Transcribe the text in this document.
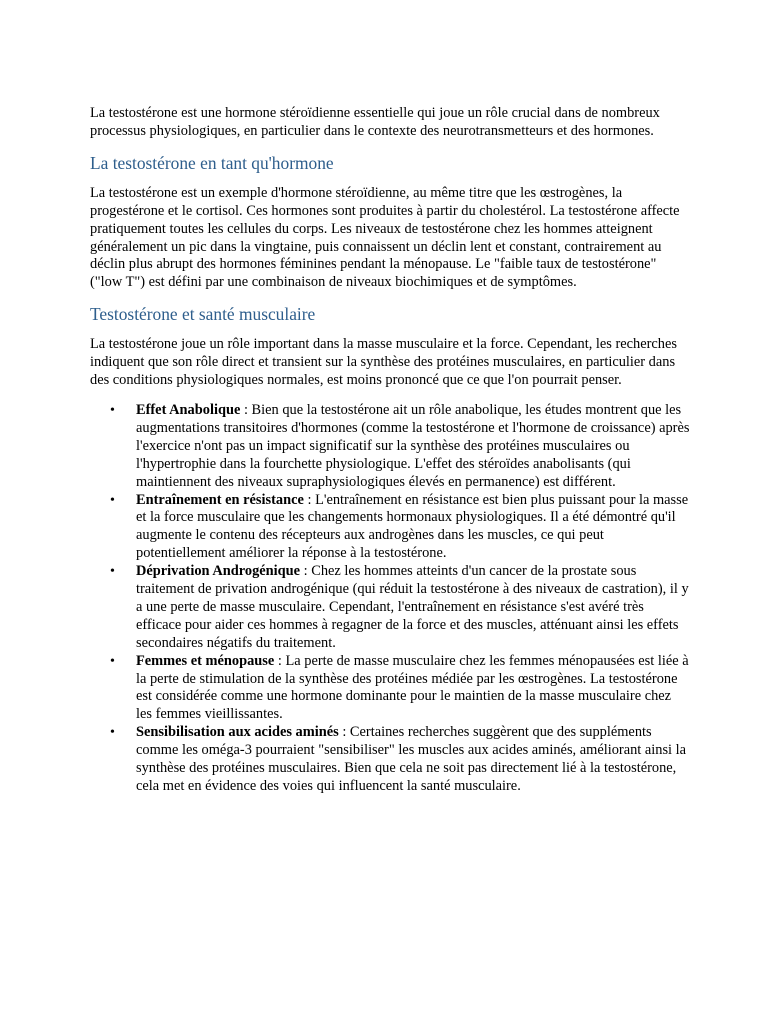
La testostérone est une hormone stéroïdienne essentielle qui joue un rôle crucial dans de nombreux processus physiologiques, en particulier dans le contexte des neurotransmetteurs et des hormones.

La testostérone en tant qu'hormone

La testostérone est un exemple d'hormone stéroïdienne, au même titre que les œstrogènes, la progestérone et le cortisol. Ces hormones sont produites à partir du cholestérol. La testostérone affecte pratiquement toutes les cellules du corps. Les niveaux de testostérone chez les hommes atteignent généralement un pic dans la vingtaine, puis connaissent un déclin lent et constant, contrairement au déclin plus abrupt des hormones féminines pendant la ménopause. Le "faible taux de testostérone" ("low T") est défini par une combinaison de niveaux biochimiques et de symptômes.

Testostérone et santé musculaire

La testostérone joue un rôle important dans la masse musculaire et la force. Cependant, les recherches indiquent que son rôle direct et transient sur la synthèse des protéines musculaires, en particulier dans des conditions physiologiques normales, est moins prononcé que ce que l'on pourrait penser.

• Effet Anabolique : Bien que la testostérone ait un rôle anabolique, les études montrent que les augmentations transitoires d'hormones (comme la testostérone et l'hormone de croissance) après l'exercice n'ont pas un impact significatif sur la synthèse des protéines musculaires ou l'hypertrophie dans la fourchette physiologique. L'effet des stéroïdes anabolisants (qui maintiennent des niveaux supraphysiologiques élevés en permanence) est différent.
• Entraînement en résistance : L'entraînement en résistance est bien plus puissant pour la masse et la force musculaire que les changements hormonaux physiologiques. Il a été démontré qu'il augmente le contenu des récepteurs aux androgènes dans les muscles, ce qui peut potentiellement améliorer la réponse à la testostérone.
• Déprivation Androgénique : Chez les hommes atteints d'un cancer de la prostate sous traitement de privation androgénique (qui réduit la testostérone à des niveaux de castration), il y a une perte de masse musculaire. Cependant, l'entraînement en résistance s'est avéré très efficace pour aider ces hommes à regagner de la force et des muscles, atténuant ainsi les effets secondaires négatifs du traitement.
• Femmes et ménopause : La perte de masse musculaire chez les femmes ménopausées est liée à la perte de stimulation de la synthèse des protéines médiée par les œstrogènes. La testostérone est considérée comme une hormone dominante pour le maintien de la masse musculaire chez les femmes vieillissantes.
• Sensibilisation aux acides aminés : Certaines recherches suggèrent que des suppléments comme les oméga-3 pourraient "sensibiliser" les muscles aux acides aminés, améliorant ainsi la synthèse des protéines musculaires. Bien que cela ne soit pas directement lié à la testostérone, cela met en évidence des voies qui influencent la santé musculaire.
